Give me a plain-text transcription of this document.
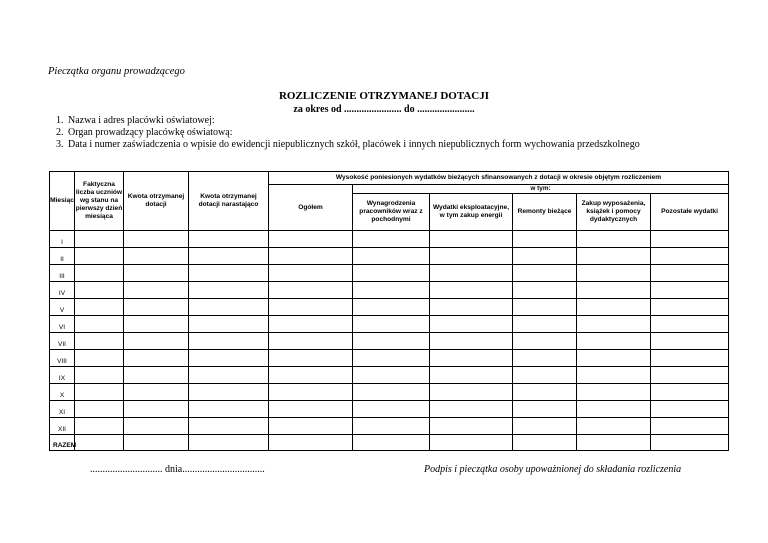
Pieczątka organu prowadzącego
ROZLICZENIE OTRZYMANEJ DOTACJI
za okres od ....................... do .......................
1. Nazwa i adres placówki oświatowej:
2. Organ prowadzący placówkę oświatową:
3. Data i numer zaświadczenia o wpisie do ewidencji niepublicznych szkół, placówek i innych niepublicznych form wychowania przedszkolnego
Miesiąc	Faktyczna liczba uczniów wg stanu na pierwszy dzień miesiąca	Kwota otrzymanej dotacji	Kwota otrzymanej dotacji narastająco	Wysokość poniesionych wydatków bieżących sfinansowanych z dotacji w okresie objętym rozliczeniem					
				Ogółem	w tym:				
					Wynagrodzenia pracowników wraz z pochodnymi	Wydatki eksploatacyjne, w tym zakup energii	Remonty bieżące	Zakup wyposażenia, książek i pomocy dydaktycznych	Pozostałe wydatki
I									
II									
III									
IV									
V									
VI									
VII									
VIII									
IX									
X									
XI									
XII									
RAZEM									
............................. dnia.................................	Podpis i pieczątka osoby upoważnionej do składania rozliczenia
